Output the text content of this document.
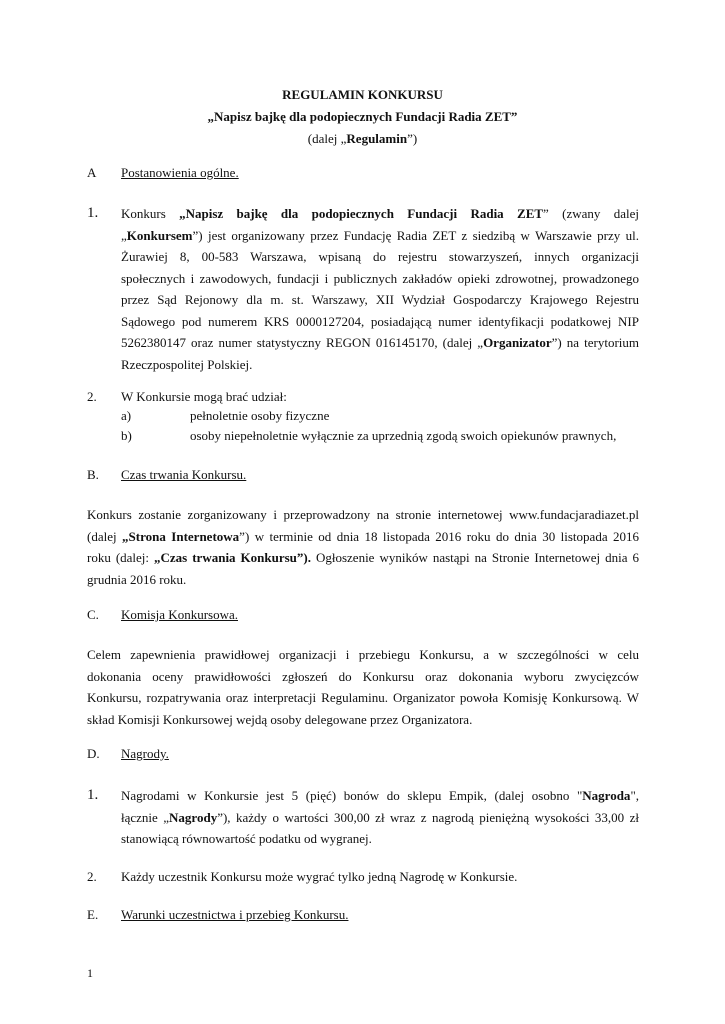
REGULAMIN KONKURSU
„Napisz bajkę dla podopiecznych Fundacji Radia ZET”
(dalej „Regulamin”)
A Postanowienia ogólne.
1. Konkurs „Napisz bajkę dla podopiecznych Fundacji Radia ZET” (zwany dalej
„Konkursem”) jest organizowany przez Fundację Radia ZET z siedzibą w Warszawie przy ul.
Żurawiej 8, 00-583 Warszawa, wpisaną do rejestru stowarzyszeń, innych organizacji
społecznych i zawodowych, fundacji i publicznych zakładów opieki zdrowotnej, prowadzonego
przez Sąd Rejonowy dla m. st. Warszawy, XII Wydział Gospodarczy Krajowego Rejestru
Sądowego pod numerem KRS 0000127204, posiadającą numer identyfikacji podatkowej NIP
5262380147 oraz numer statystyczny REGON 016145170, (dalej „Organizator”) na terytorium
Rzeczpospolitej Polskiej.
2. W Konkursie mogą brać udział:
a)	pełnoletnie osoby fizyczne
b)	osoby niepełnoletnie wyłącznie za uprzednią zgodą swoich opiekunów prawnych,
B. Czas trwania Konkursu.
Konkurs zostanie zorganizowany i przeprowadzony na stronie internetowej www.fundacjaradiazet.pl
(dalej „Strona Internetowa”) w terminie od dnia 18 listopada 2016 roku do dnia 30 listopada 2016
roku (dalej: „Czas trwania Konkursu”). Ogłoszenie wyników nastąpi na Stronie Internetowej dnia 6
grudnia 2016 roku.
C. Komisja Konkursowa.
Celem zapewnienia prawidłowej organizacji i przebiegu Konkursu, a w szczególności w celu
dokonania oceny prawidłowości zgłoszeń do Konkursu oraz dokonania wyboru zwycięzców
Konkursu, rozpatrywania oraz interpretacji Regulaminu. Organizator powoła Komisję Konkursową. W
skład Komisji Konkursowej wejdą osoby delegowane przez Organizatora.
D. Nagrody.
1. Nagrodami w Konkursie jest 5 (pięć) bonów do sklepu Empik, (dalej osobno "Nagroda",
łącznie „Nagrody”), każdy o wartości 300,00 zł wraz z nagrodą pieniężną wysokości 33,00 zł
stanowiącą równowartość podatku od wygranej.
2. Każdy uczestnik Konkursu może wygrać tylko jedną Nagrodę w Konkursie.
E. Warunki uczestnictwa i przebieg Konkursu.
1
